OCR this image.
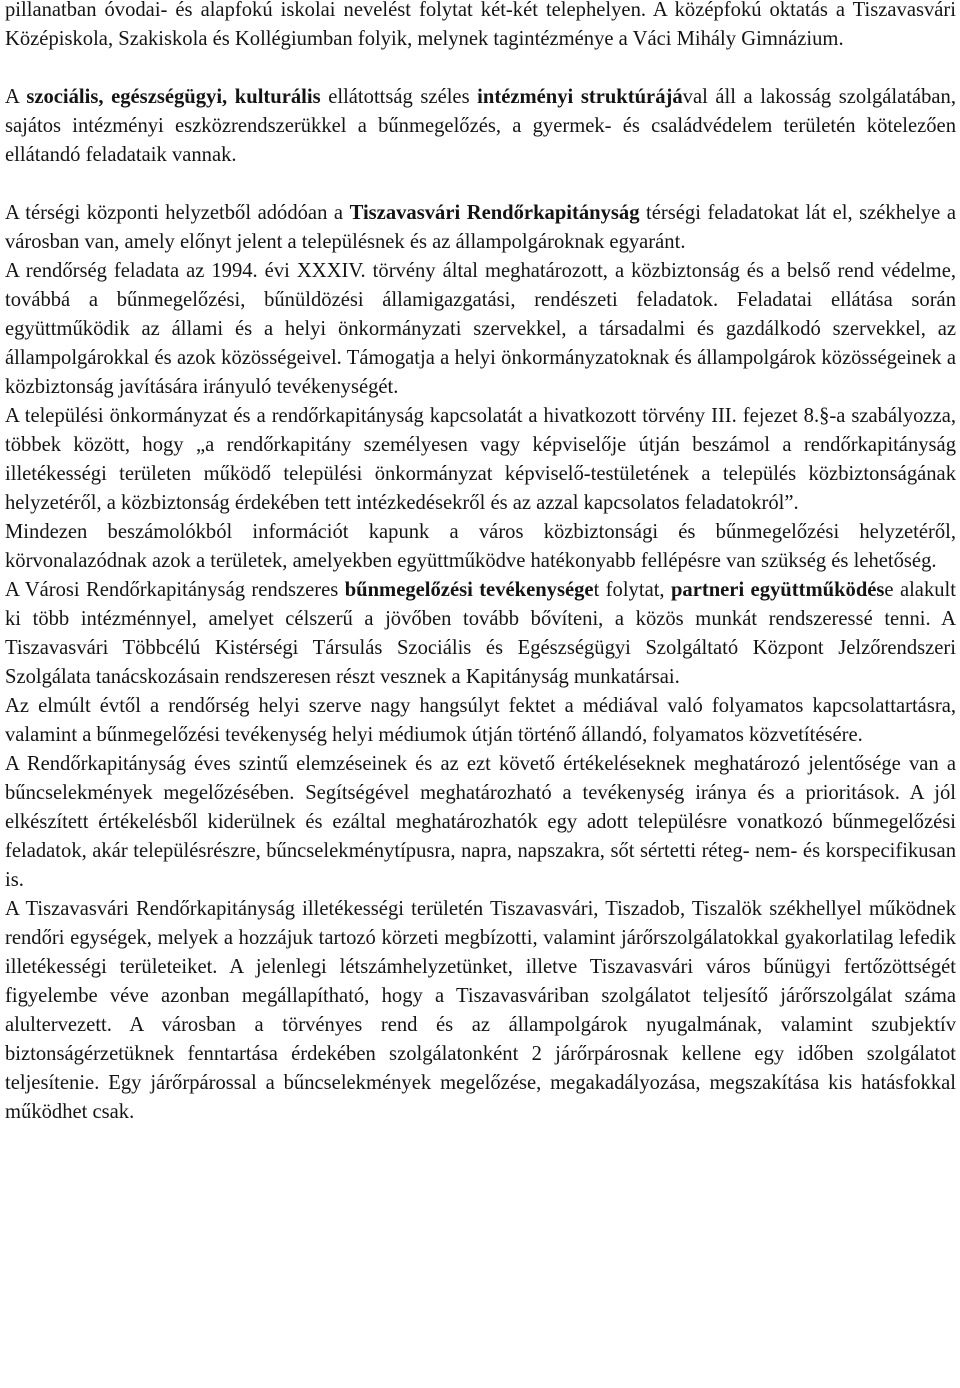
pillanatban óvodai- és alapfokú iskolai nevelést folytat két-két telephelyen. A középfokú oktatás a Tiszavasvári Középiskola, Szakiskola és Kollégiumban folyik, melynek tagintézménye a Váci Mihály Gimnázium.

A szociális, egészségügyi, kulturális ellátottság széles intézményi struktúrájával áll a lakosság szolgálatában, sajátos intézményi eszközrendszerükkel a bűnmegelőzés, a gyermek- és családvédelem területén kötelezően ellátandó feladataik vannak.

A térségi központi helyzetből adódóan a Tiszavasvári Rendőrkapitányság térségi feladatokat lát el, székhelye a városban van, amely előnyt jelent a településnek és az állampolgároknak egyaránt.

A rendőrség feladata az 1994. évi XXXIV. törvény által meghatározott, a közbiztonság és a belső rend védelme, továbbá a bűnmegelőzési, bűnüldözési államigazgatási, rendészeti feladatok. Feladatai ellátása során együttműködik az állami és a helyi önkormányzati szervekkel, a társadalmi és gazdálkodó szervekkel, az állampolgárokkal és azok közösségeivel. Támogatja a helyi önkormányzatoknak és állampolgárok közösségeinek a közbiztonság javítására irányuló tevékenységét.

A települési önkormányzat és a rendőrkapitányság kapcsolatát a hivatkozott törvény III. fejezet 8.§-a szabályozza, többek között, hogy „a rendőrkapitány személyesen vagy képviselője útján beszámol a rendőrkapitányság illetékességi területen működő települési önkormányzat képviselő-testületének a település közbiztonságának helyzetéről, a közbiztonság érdekében tett intézkedésekről és az azzal kapcsolatos feladatokról”.

Mindezen beszámolókból információt kapunk a város közbiztonsági és bűnmegelőzési helyzetéről, körvonalazódnak azok a területek, amelyekben együttműködve hatékonyabb fellépésre van szükség és lehetőség.

A Városi Rendőrkapitányság rendszeres bűnmegelőzési tevékenységet folytat, partneri együttműködése alakult ki több intézménnyel, amelyet célszerű a jövőben tovább bővíteni, a közös munkát rendszeressé tenni. A Tiszavasvári Többcélú Kistérségi Társulás Szociális és Egészségügyi Szolgáltató Központ Jelzőrendszeri Szolgálata tanácskozásain rendszeresen részt vesznek a Kapitányság munkatársai.

Az elmúlt évtől a rendőrség helyi szerve nagy hangsúlyt fektet a médiával való folyamatos kapcsolattartásra, valamint a bűnmegelőzési tevékenység helyi médiumok útján történő állandó, folyamatos közvetítésére.

A Rendőrkapitányság éves szintű elemzéseinek és az ezt követő értékeléseknek meghatározó jelentősége van a bűncselekmények megelőzésében. Segítségével meghatározható a tevékenység iránya és a prioritások. A jól elkészített értékelésből kiderülnek és ezáltal meghatározhatók egy adott településre vonatkozó bűnmegelőzési feladatok, akár településrészre, bűncselekménytípusra, napra, napszakra, sőt sértetti réteg- nem- és korspecifikusan is.

A Tiszavasvári Rendőrkapitányság illetékességi területén Tiszavasvári, Tiszadob, Tiszalök székhellyel működnek rendőri egységek, melyek a hozzájuk tartozó körzeti megbízotti, valamint járőrszolgálatokkal gyakorlatilag lefedik illetékességi területeiket. A jelenlegi létszámhelyzetünket, illetve Tiszavasvári város bűnügyi fertőzöttségét figyelembe véve azonban megállapítható, hogy a Tiszavasváriban szolgálatot teljesítő járőrszolgálat száma alultervezett. A városban a törvényes rend és az állampolgárok nyugalmának, valamint szubjektív biztonságérzetüknek fenntartása érdekében szolgálatonként 2 járőrpárosnak kellene egy időben szolgálatot teljesítenie. Egy járőrpárossal a bűncselekmények megelőzése, megakadályozása, megszakítása kis hatásfokkal működhet csak.
